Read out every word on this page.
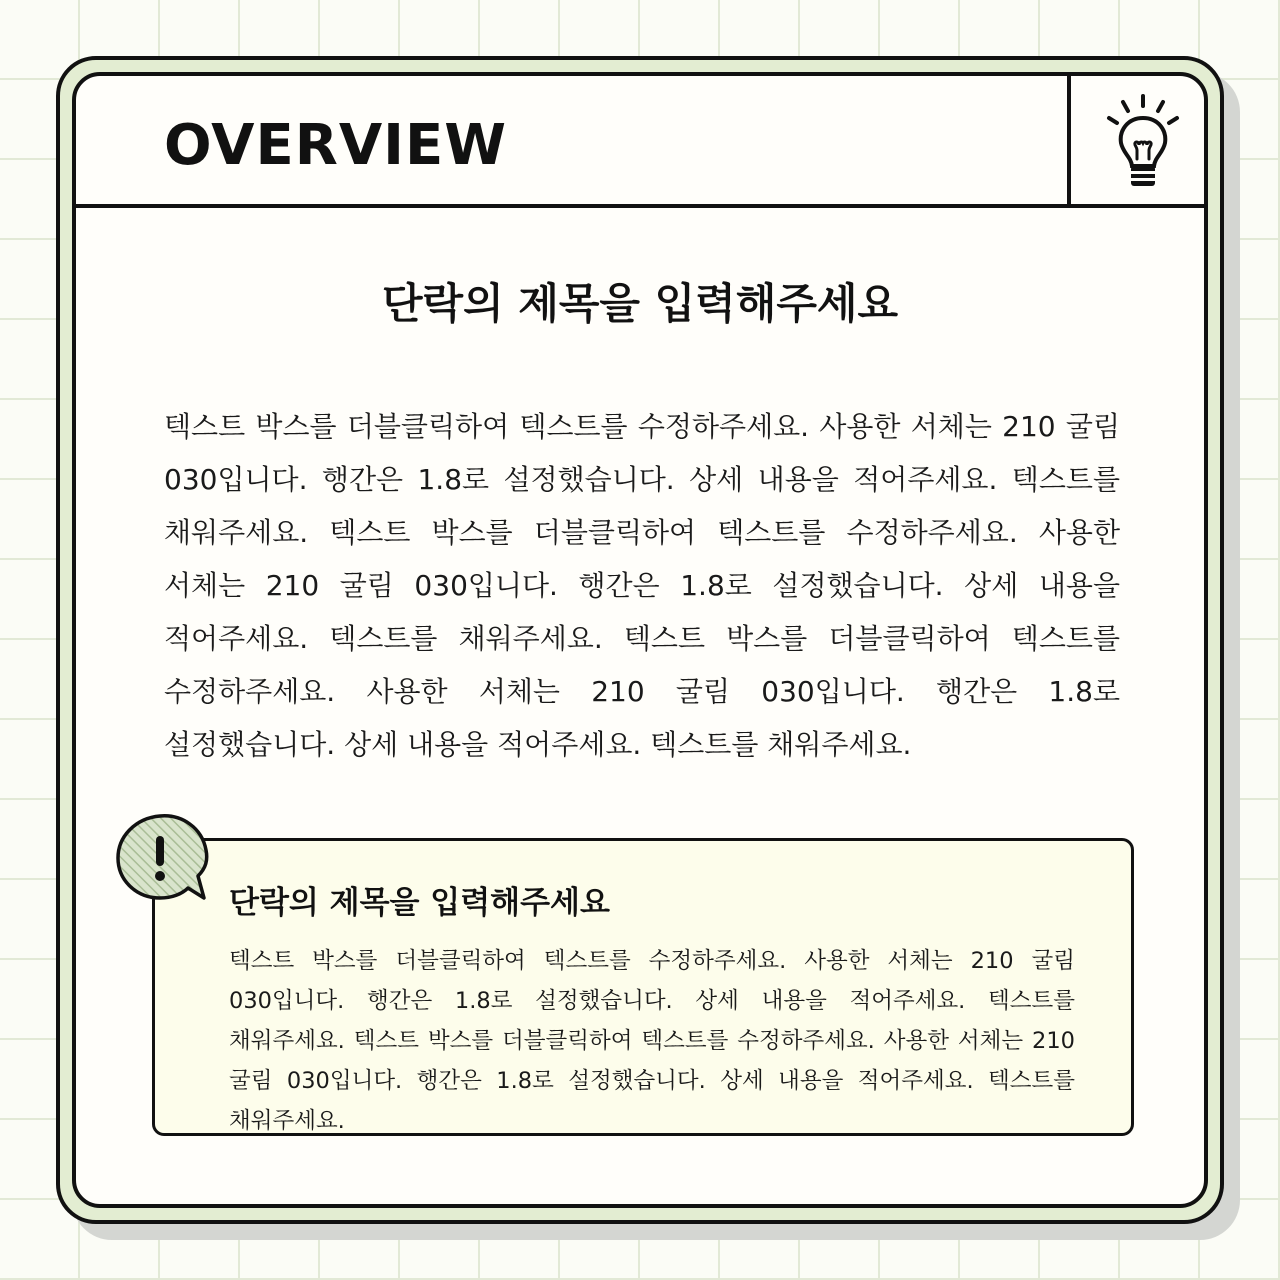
OVERVIEW
단락의 제목을 입력해주세요

텍스트 박스를 더블클릭하여 텍스트를 수정하주세요. 사용한 서체는 210 굴림 030입니다. 행간은 1.8로 설정했습니다. 상세 내용을 적어주세요. 텍스트를 채워주세요. 텍스트 박스를 더블클릭하여 텍스트를 수정하주세요. 사용한 서체는 210 굴림 030입니다. 행간은 1.8로 설정했습니다. 상세 내용을 적어주세요. 텍스트를 채워주세요. 텍스트 박스를 더블클릭하여 텍스트를 수정하주세요. 사용한 서체는 210 굴림 030입니다. 행간은 1.8로 설정했습니다. 상세 내용을 적어주세요. 텍스트를 채워주세요.

단락의 제목을 입력해주세요

텍스트 박스를 더블클릭하여 텍스트를 수정하주세요. 사용한 서체는 210 굴림 030입니다. 행간은 1.8로 설정했습니다. 상세 내용을 적어주세요. 텍스트를 채워주세요. 텍스트 박스를 더블클릭하여 텍스트를 수정하주세요. 사용한 서체는 210 굴림 030입니다. 행간은 1.8로 설정했습니다. 상세 내용을 적어주세요. 텍스트를 채워주세요.
